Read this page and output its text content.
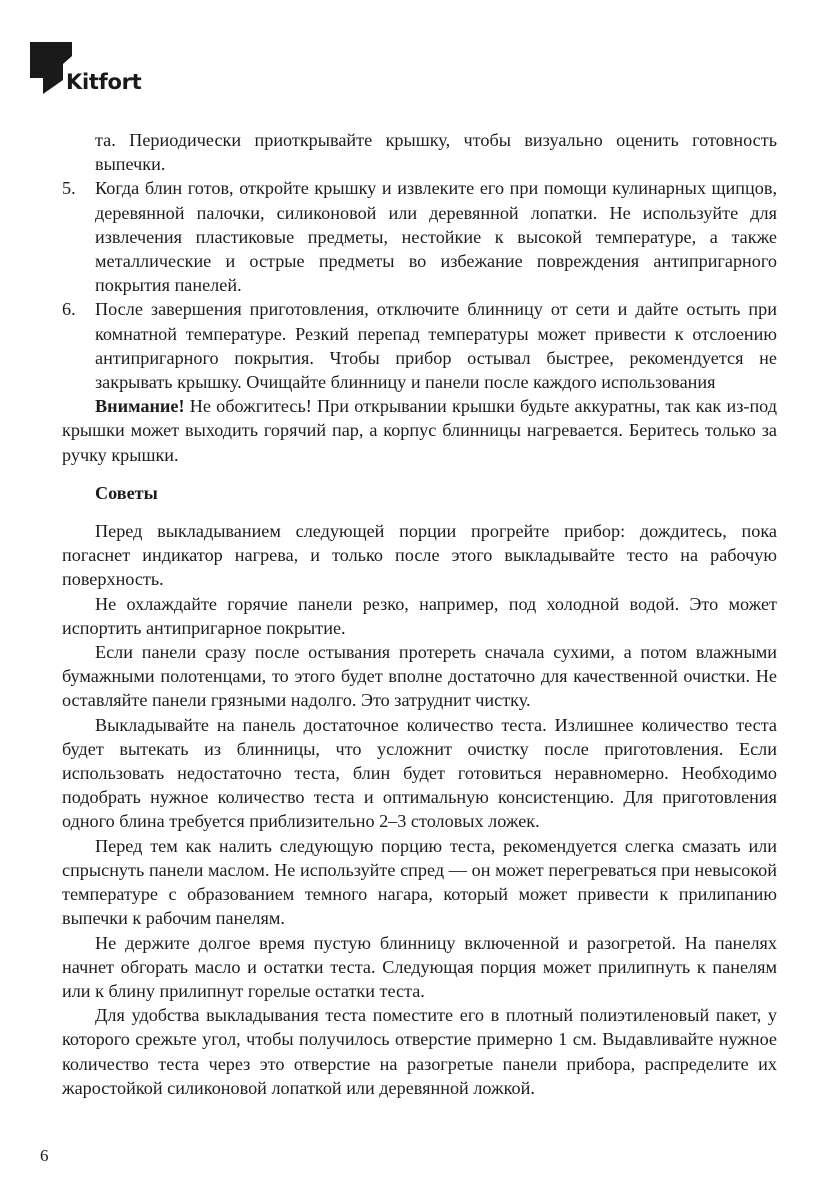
Kitfort

та. Периодически приоткрывайте крышку, чтобы визуально оценить готовность выпечки.

5. Когда блин готов, откройте крышку и извлеките его при помощи кулинарных щипцов, деревянной палочки, силиконовой или деревянной лопатки. Не используйте для извлечения пластиковые предметы, нестойкие к высокой температуре, а также металлические и острые предметы во избежание повреждения антипригарного покрытия панелей.

6. После завершения приготовления, отключите блинницу от сети и дайте остыть при комнатной температуре. Резкий перепад температуры может привести к отслоению антипригарного покрытия. Чтобы прибор остывал быстрее, рекомендуется не закрывать крышку. Очищайте блинницу и панели после каждого использования

Внимание! Не обожгитесь! При открывании крышки будьте аккуратны, так как из-под крышки может выходить горячий пар, а корпус блинницы нагревается. Беритесь только за ручку крышки.

Советы

Перед выкладыванием следующей порции прогрейте прибор: дождитесь, пока погаснет индикатор нагрева, и только после этого выкладывайте тесто на рабочую поверхность.

Не охлаждайте горячие панели резко, например, под холодной водой. Это может испортить антипригарное покрытие.

Если панели сразу после остывания протереть сначала сухими, а потом влажными бумажными полотенцами, то этого будет вполне достаточно для качественной очистки. Не оставляйте панели грязными надолго. Это затруднит чистку.

Выкладывайте на панель достаточное количество теста. Излишнее количество теста будет вытекать из блинницы, что усложнит очистку после приготовления. Если использовать недостаточно теста, блин будет готовиться неравномерно. Необходимо подобрать нужное количество теста и оптимальную консистенцию. Для приготовления одного блина требуется приблизительно 2–3 столовых ложек.

Перед тем как налить следующую порцию теста, рекомендуется слегка смазать или спрыснуть панели маслом. Не используйте спред — он может перегреваться при невысокой температуре с образованием темного нагара, который может привести к прилипанию выпечки к рабочим панелям.

Не держите долгое время пустую блинницу включенной и разогретой. На панелях начнет обгорать масло и остатки теста. Следующая порция может прилипнуть к панелям или к блину прилипнут горелые остатки теста.

Для удобства выкладывания теста поместите его в плотный полиэтиленовый пакет, у которого срежьте угол, чтобы получилось отверстие примерно 1 см. Выдавливайте нужное количество теста через это отверстие на разогретые панели прибора, распределите их жаростойкой силиконовой лопаткой или деревянной ложкой.

6
